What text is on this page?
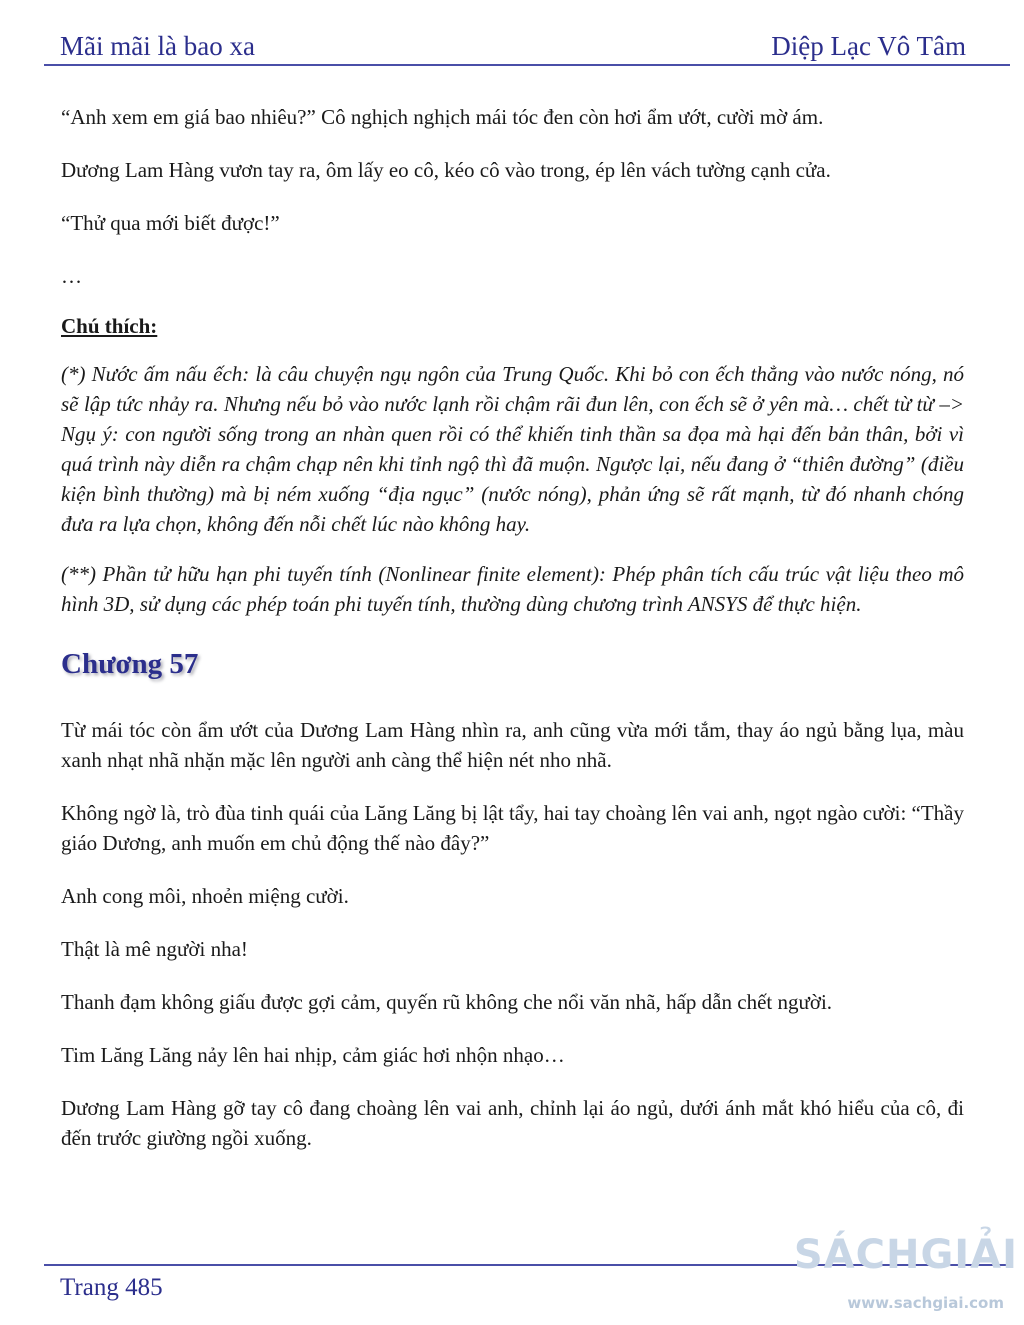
Mãi mãi là bao xa	Diệp Lạc Vô Tâm

“Anh xem em giá bao nhiêu?” Cô nghịch nghịch mái tóc đen còn hơi ẩm ướt, cười mờ ám.

Dương Lam Hàng vươn tay ra, ôm lấy eo cô, kéo cô vào trong, ép lên vách tường cạnh cửa.

“Thử qua mới biết được!”

…

Chú thích:

(*) Nước ấm nấu ếch: là câu chuyện ngụ ngôn của Trung Quốc. Khi bỏ con ếch thẳng vào nước nóng, nó sẽ lập tức nhảy ra. Nhưng nếu bỏ vào nước lạnh rồi chậm rãi đun lên, con ếch sẽ ở yên mà… chết từ từ –> Ngụ ý: con người sống trong an nhàn quen rồi có thể khiến tinh thần sa đọa mà hại đến bản thân, bởi vì quá trình này diễn ra chậm chạp nên khi tỉnh ngộ thì đã muộn. Ngược lại, nếu đang ở “thiên đường” (điều kiện bình thường) mà bị ném xuống “địa ngục” (nước nóng), phản ứng sẽ rất mạnh, từ đó nhanh chóng đưa ra lựa chọn, không đến nỗi chết lúc nào không hay.

(**) Phần tử hữu hạn phi tuyến tính (Nonlinear finite element): Phép phân tích cấu trúc vật liệu theo mô hình 3D, sử dụng các phép toán phi tuyến tính, thường dùng chương trình ANSYS để thực hiện.

Chương 57

Từ mái tóc còn ẩm ướt của Dương Lam Hàng nhìn ra, anh cũng vừa mới tắm, thay áo ngủ bằng lụa, màu xanh nhạt nhã nhặn mặc lên người anh càng thể hiện nét nho nhã.

Không ngờ là, trò đùa tinh quái của Lăng Lăng bị lật tẩy, hai tay choàng lên vai anh, ngọt ngào cười: “Thầy giáo Dương, anh muốn em chủ động thế nào đây?”

Anh cong môi, nhoẻn miệng cười.

Thật là mê người nha!

Thanh đạm không giấu được gợi cảm, quyến rũ không che nổi văn nhã, hấp dẫn chết người.

Tim Lăng Lăng nảy lên hai nhịp, cảm giác hơi nhộn nhạo…

Dương Lam Hàng gỡ tay cô đang choàng lên vai anh, chỉnh lại áo ngủ, dưới ánh mắt khó hiểu của cô, đi đến trước giường ngồi xuống.

Trang 485
SÁCHGIẢI
www.sachgiai.com
